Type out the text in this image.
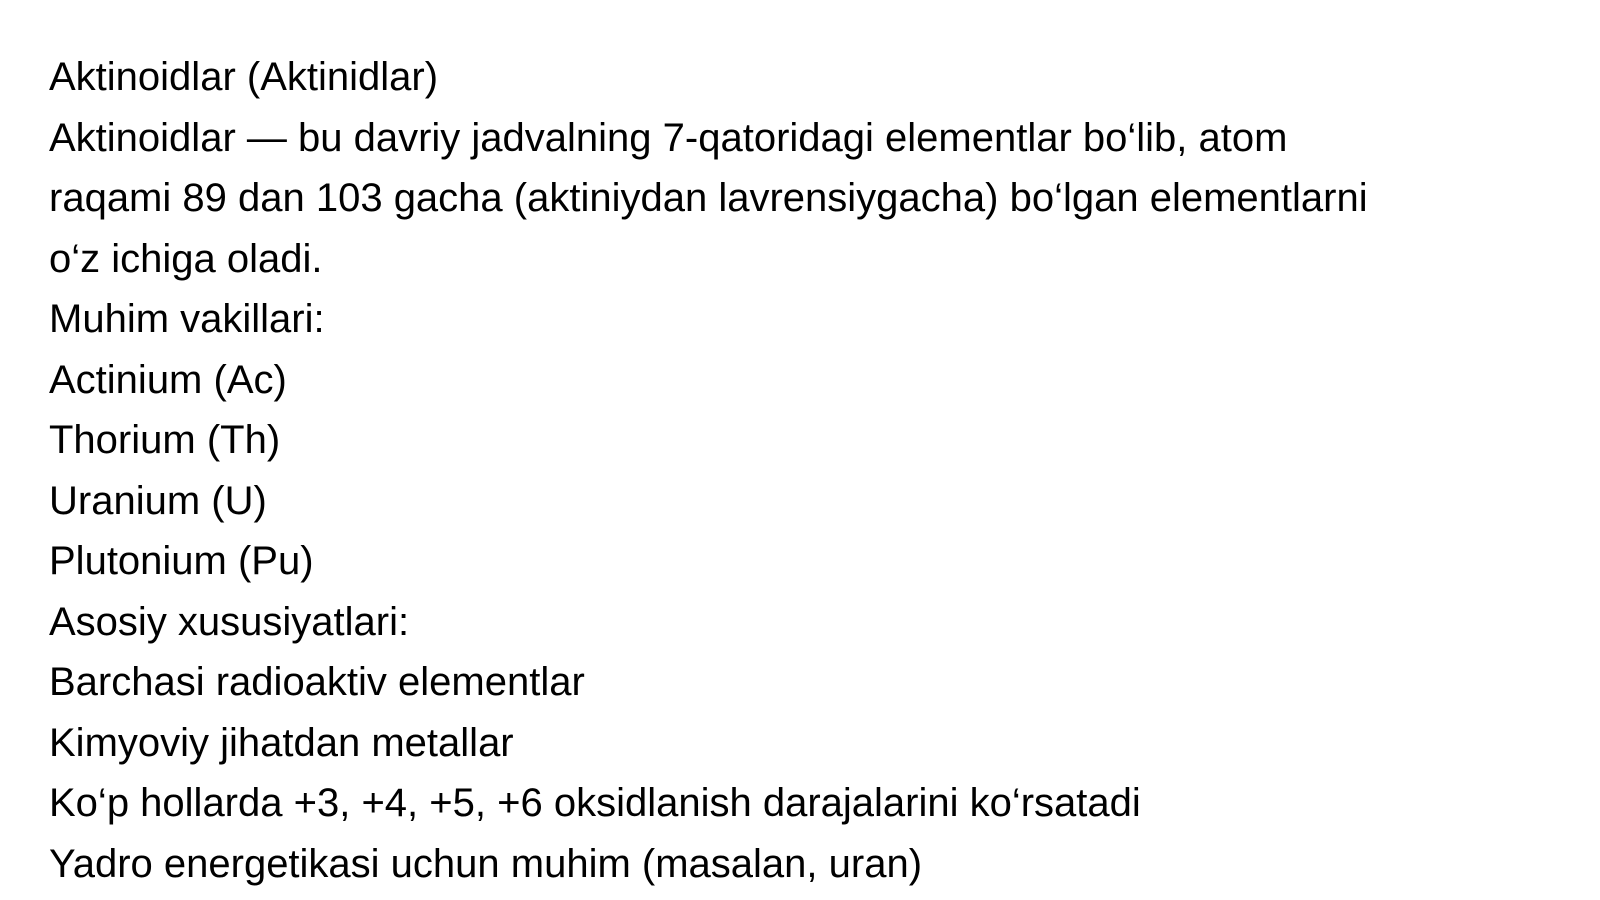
Aktinoidlar (Aktinidlar)
Aktinoidlar — bu davriy jadvalning 7-qatoridagi elementlar bo‘lib, atom
raqami 89 dan 103 gacha (aktiniydan lavrensiygacha) bo‘lgan elementlarni
o‘z ichiga oladi.
Muhim vakillari:
Actinium (Ac)
Thorium (Th)
Uranium (U)
Plutonium (Pu)
Asosiy xususiyatlari:
Barchasi radioaktiv elementlar
Kimyoviy jihatdan metallar
Ko‘p hollarda +3, +4, +5, +6 oksidlanish darajalarini ko‘rsatadi
Yadro energetikasi uchun muhim (masalan, uran)
